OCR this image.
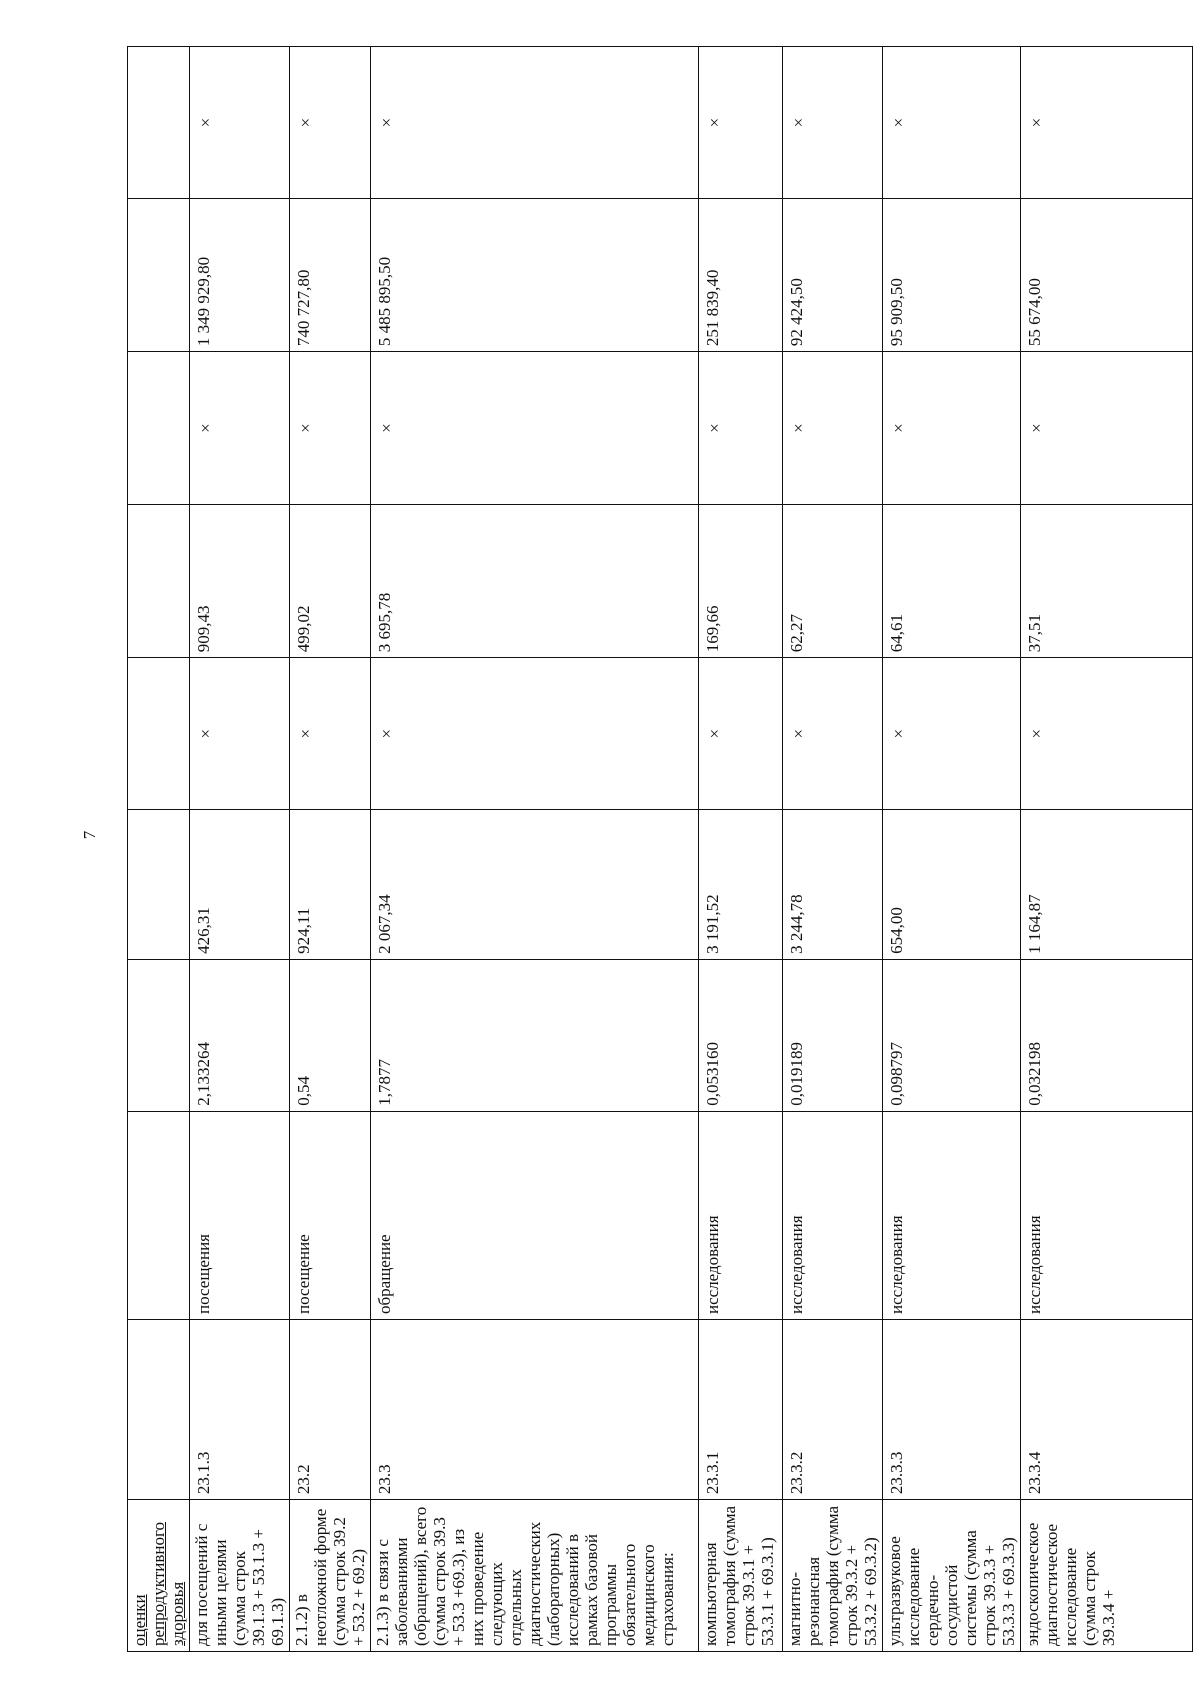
7
оценки репродуктивного здоровья									
для посещений с иными целями (сумма строк 39.1.3 + 53.1.3 + 69.1.3)	23.1.3	посещения	2,133264	426,31	×	909,43	×	1 349 929,80	×
2.1.2) в неотложной форме (сумма строк 39.2 + 53.2 + 69.2)	23.2	посещение	0,54	924,11	×	499,02	×	740 727,80	×
2.1.3) в связи с заболеваниями (обращений), всего (сумма строк 39.3 + 53.3 +69.3), из них проведение следующих отдельных диагностических (лабораторных) исследований в рамках базовой программы обязательного медицинского страхования:	23.3	обращение	1,7877	2 067,34	×	3 695,78	×	5 485 895,50	×
компьютерная томография (сумма строк 39.3.1 + 53.3.1 + 69.3.1)	23.3.1	исследования	0,053160	3 191,52	×	169,66	×	251 839,40	×
магнитно-резонансная томография (сумма строк 39.3.2 + 53.3.2 + 69.3.2)	23.3.2	исследования	0,019189	3 244,78	×	62,27	×	92 424,50	×
ультразвуковое исследование сердечно-сосудистой системы (сумма строк 39.3.3 + 53.3.3 + 69.3.3)	23.3.3	исследования	0,098797	654,00	×	64,61	×	95 909,50	×
эндоскопическое диагностическое исследование (сумма строк 39.3.4 +	23.3.4	исследования	0,032198	1 164,87	×	37,51	×	55 674,00	×
